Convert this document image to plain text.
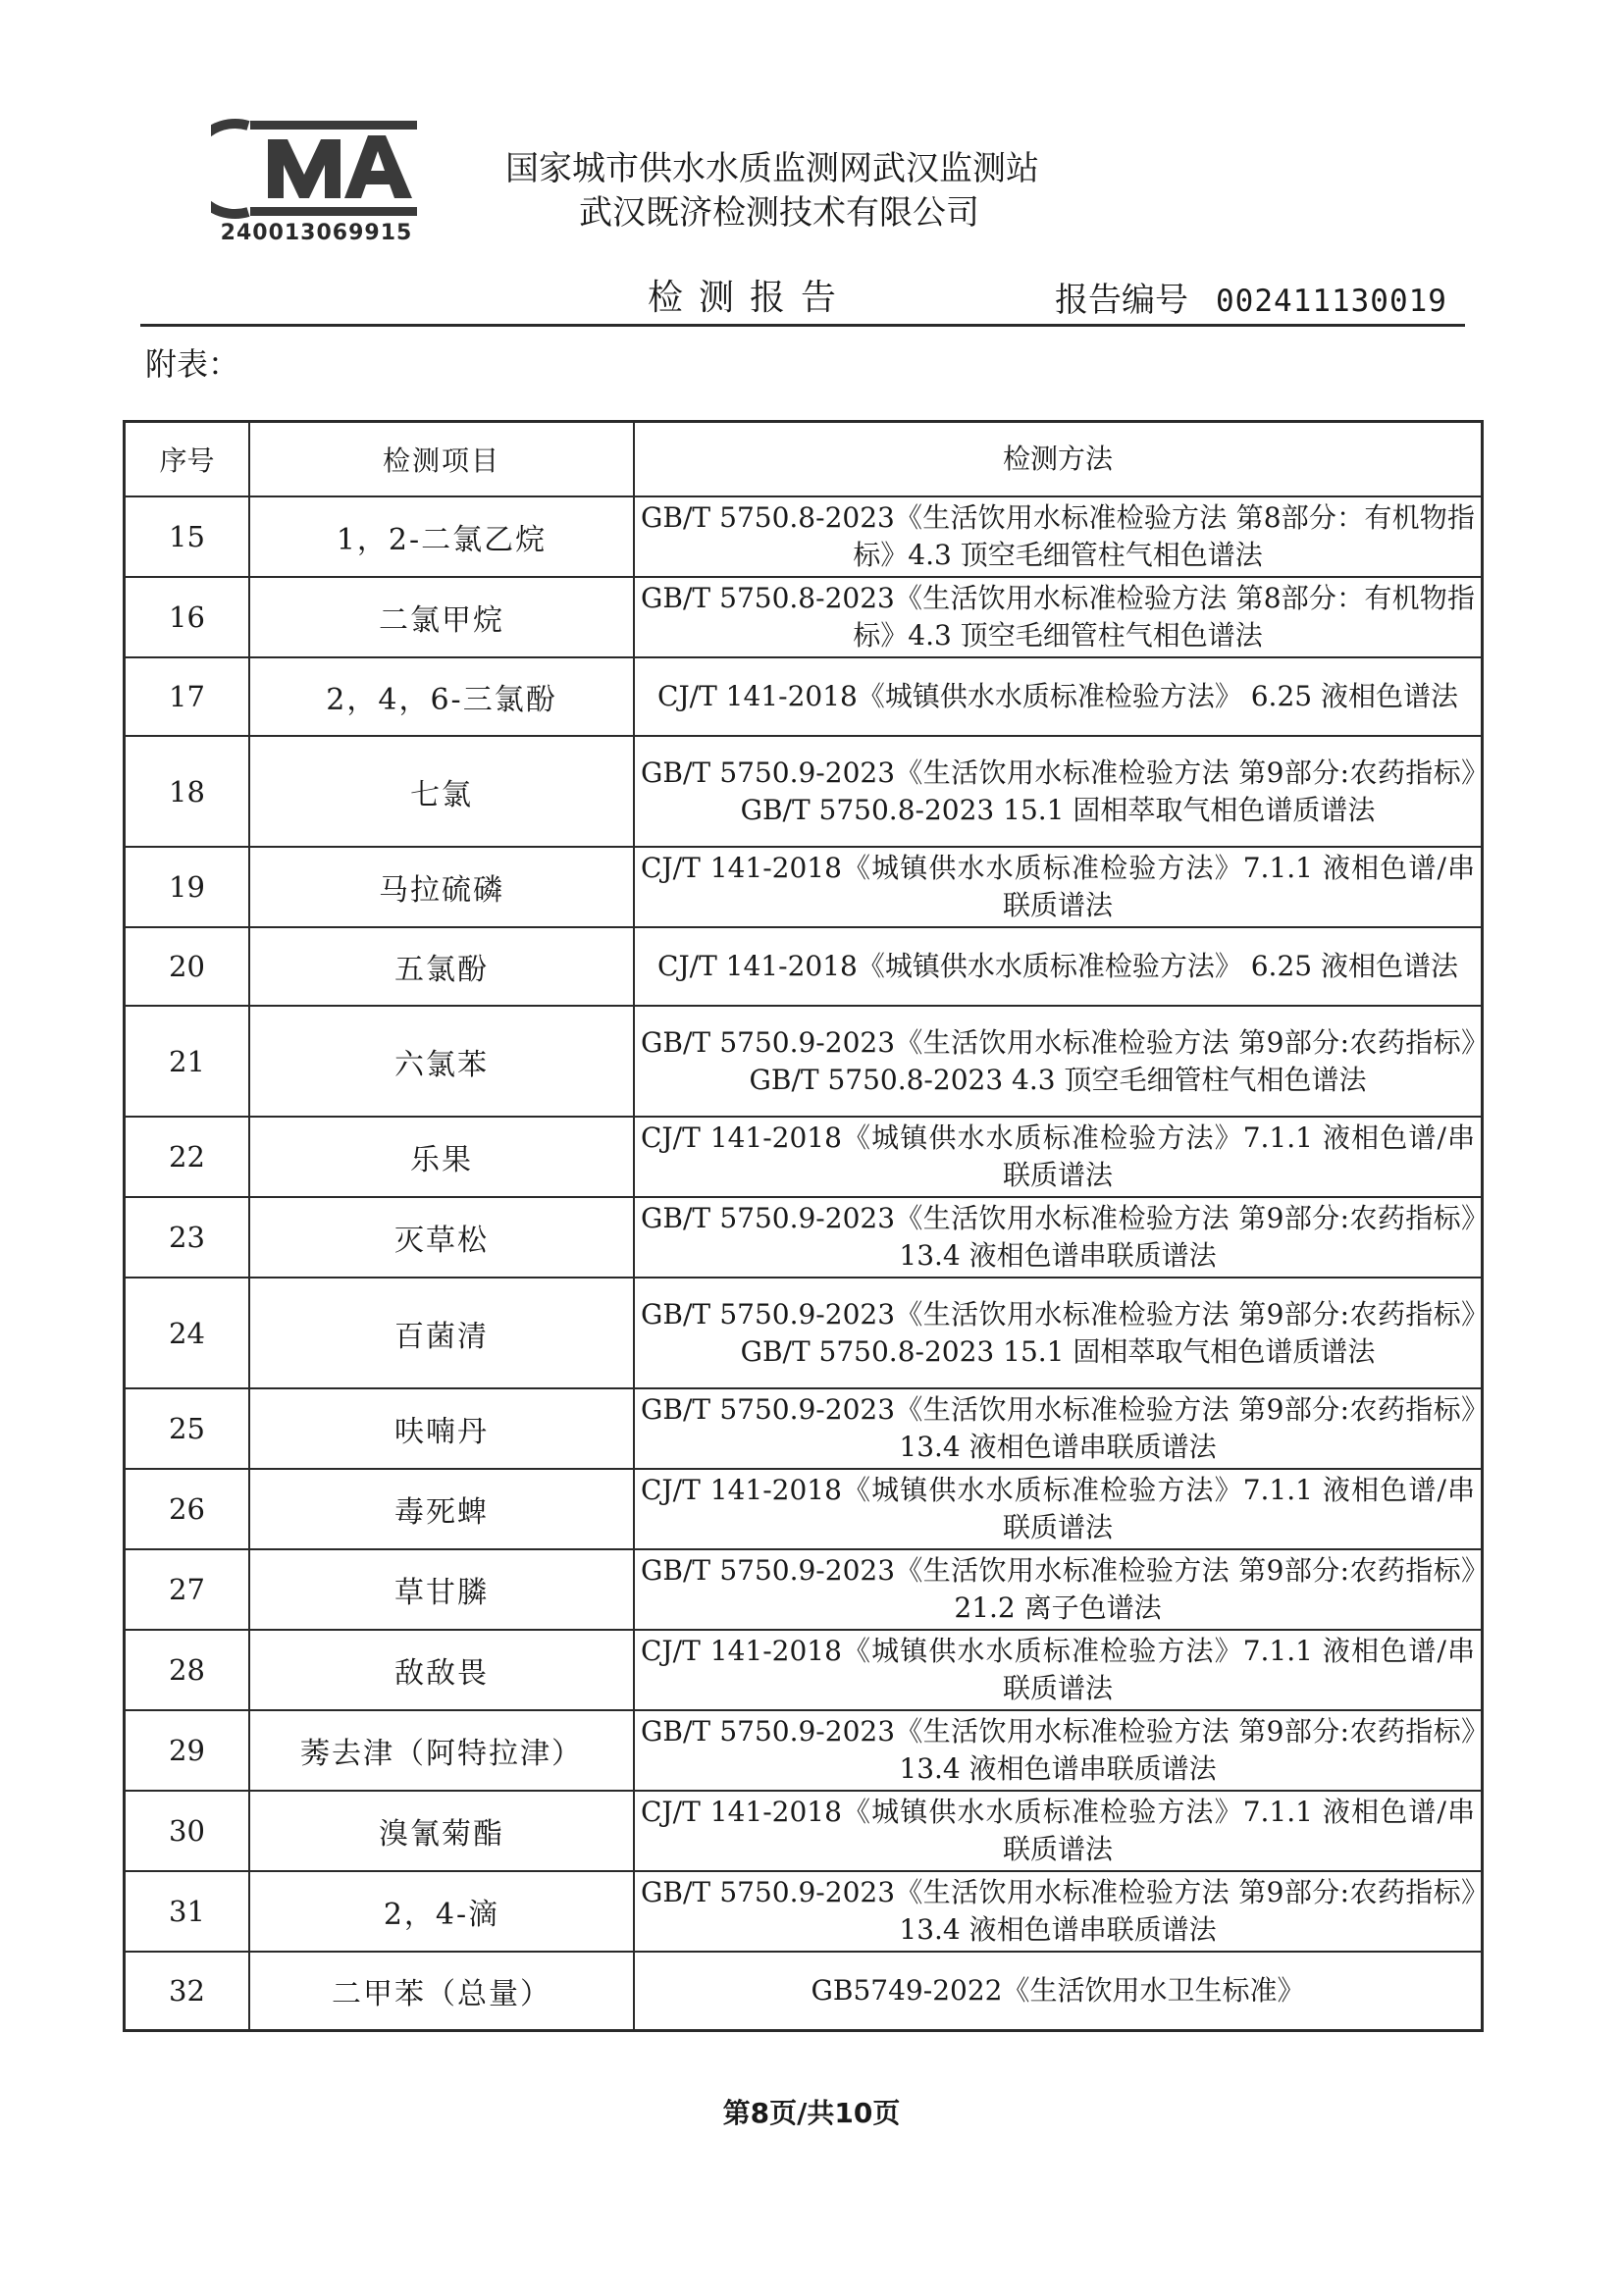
240013069915
国家城市供水水质监测网武汉监测站
武汉既济检测技术有限公司
检测报告	报告编号 002411130019
附表：
序号	检测项目	检测方法
15	1，2-二氯乙烷	GB/T 5750.8-2023《生活饮用水标准检验方法 第8部分：有机物指标》4.3 顶空毛细管柱气相色谱法
16	二氯甲烷	GB/T 5750.8-2023《生活饮用水标准检验方法 第8部分：有机物指标》4.3 顶空毛细管柱气相色谱法
17	2，4，6-三氯酚	CJ/T 141-2018《城镇供水水质标准检验方法》 6.25 液相色谱法
18	七氯	GB/T 5750.9-2023《生活饮用水标准检验方法 第9部分:农药指标》GB/T 5750.8-2023 15.1 固相萃取气相色谱质谱法
19	马拉硫磷	CJ/T 141-2018《城镇供水水质标准检验方法》7.1.1 液相色谱/串联质谱法
20	五氯酚	CJ/T 141-2018《城镇供水水质标准检验方法》 6.25 液相色谱法
21	六氯苯	GB/T 5750.9-2023《生活饮用水标准检验方法 第9部分:农药指标》GB/T 5750.8-2023 4.3 顶空毛细管柱气相色谱法
22	乐果	CJ/T 141-2018《城镇供水水质标准检验方法》7.1.1 液相色谱/串联质谱法
23	灭草松	GB/T 5750.9-2023《生活饮用水标准检验方法 第9部分:农药指标》13.4 液相色谱串联质谱法
24	百菌清	GB/T 5750.9-2023《生活饮用水标准检验方法 第9部分:农药指标》GB/T 5750.8-2023 15.1 固相萃取气相色谱质谱法
25	呋喃丹	GB/T 5750.9-2023《生活饮用水标准检验方法 第9部分:农药指标》13.4 液相色谱串联质谱法
26	毒死蜱	CJ/T 141-2018《城镇供水水质标准检验方法》7.1.1 液相色谱/串联质谱法
27	草甘膦	GB/T 5750.9-2023《生活饮用水标准检验方法 第9部分:农药指标》21.2 离子色谱法
28	敌敌畏	CJ/T 141-2018《城镇供水水质标准检验方法》7.1.1 液相色谱/串联质谱法
29	莠去津（阿特拉津）	GB/T 5750.9-2023《生活饮用水标准检验方法 第9部分:农药指标》13.4 液相色谱串联质谱法
30	溴氰菊酯	CJ/T 141-2018《城镇供水水质标准检验方法》7.1.1 液相色谱/串联质谱法
31	2，4-滴	GB/T 5750.9-2023《生活饮用水标准检验方法 第9部分:农药指标》13.4 液相色谱串联质谱法
32	二甲苯（总量）	GB5749-2022《生活饮用水卫生标准》
第8页/共10页
